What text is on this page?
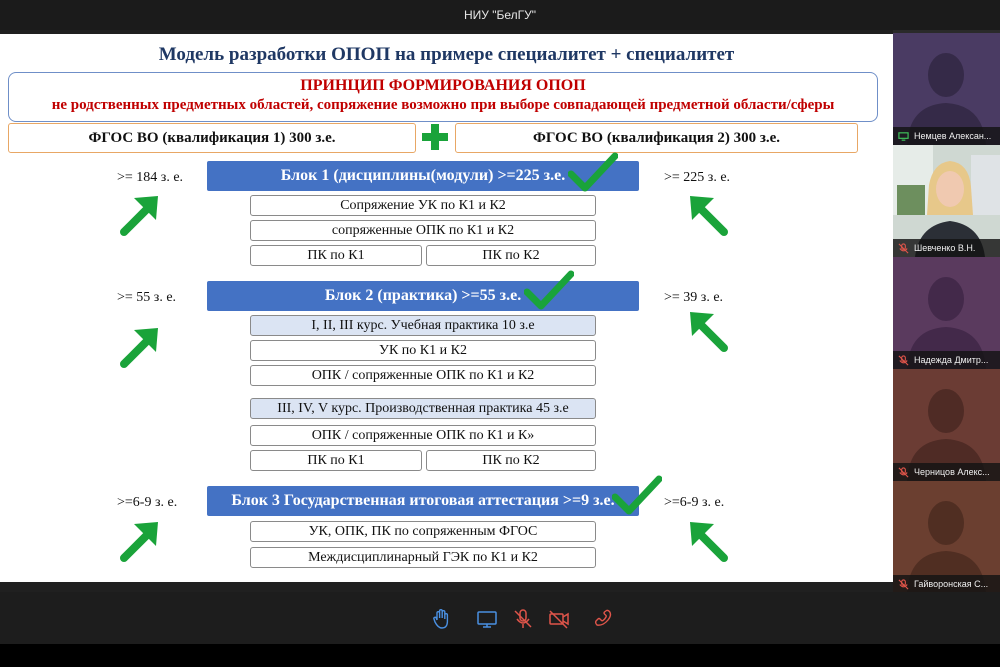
НИУ "БелГУ"
Модель разработки ОПОП на примере специалитет + специалитет
ПРИНЦИП ФОРМИРОВАНИЯ ОПОП
не родственных предметных областей, сопряжение возможно при выборе совпадающей предметной области/сферы
ФГОС ВО (квалификация 1) 300 з.е.	ФГОС ВО (квалификация 2) 300 з.е.
>= 184 з. е.	>= 225 з. е.
Блок 1 (дисциплины(модули) >=225 з.е.
Сопряжение УК по К1 и К2
сопряженные ОПК по К1 и К2
ПК по К1	ПК по К2
>= 55 з. е.	>= 39 з. е.
Блок 2 (практика) >=55 з.е.
I, II, III курс. Учебная практика 10 з.е
УК по К1 и К2
ОПК / сопряженные ОПК по К1 и К2
III, IV, V курс. Производственная практика 45 з.е
ОПК / сопряженные ОПК по К1 и К»
ПК по К1	ПК по К2
>=6-9 з. е.	>=6-9 з. е.
Блок 3 Государственная итоговая аттестация >=9 з.е.
УК, ОПК, ПК по сопряженным ФГОС
Междисциплинарный ГЭК по К1 и К2
Немцев Алексан...
Шевченко В.Н.
Надежда Дмитр...
Черницов Алекс...
Гайворонская С...
